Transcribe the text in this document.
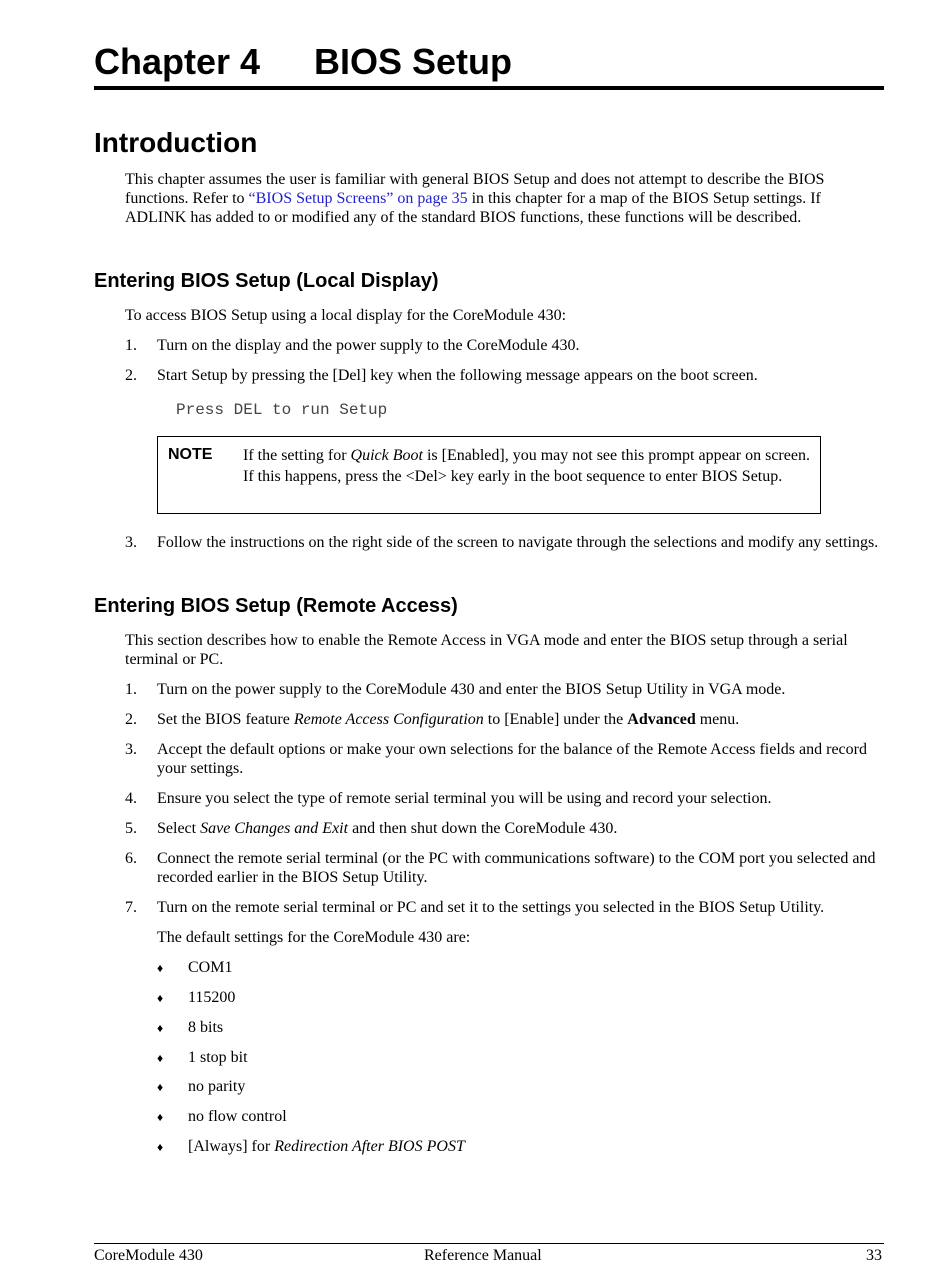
Chapter 4 BIOS Setup
Introduction
This chapter assumes the user is familiar with general BIOS Setup and does not attempt to describe the BIOS functions. Refer to “BIOS Setup Screens” on page 35 in this chapter for a map of the BIOS Setup settings. If ADLINK has added to or modified any of the standard BIOS functions, these functions will be described.
Entering BIOS Setup (Local Display)
To access BIOS Setup using a local display for the CoreModule 430:
1. Turn on the display and the power supply to the CoreModule 430.
2. Start Setup by pressing the [Del] key when the following message appears on the boot screen.
Press DEL to run Setup
NOTE If the setting for Quick Boot is [Enabled], you may not see this prompt appear on screen. If this happens, press the <Del> key early in the boot sequence to enter BIOS Setup.
3. Follow the instructions on the right side of the screen to navigate through the selections and modify any settings.
Entering BIOS Setup (Remote Access)
This section describes how to enable the Remote Access in VGA mode and enter the BIOS setup through a serial terminal or PC.
1. Turn on the power supply to the CoreModule 430 and enter the BIOS Setup Utility in VGA mode.
2. Set the BIOS feature Remote Access Configuration to [Enable] under the Advanced menu.
3. Accept the default options or make your own selections for the balance of the Remote Access fields and record your settings.
4. Ensure you select the type of remote serial terminal you will be using and record your selection.
5. Select Save Changes and Exit and then shut down the CoreModule 430.
6. Connect the remote serial terminal (or the PC with communications software) to the COM port you selected and recorded earlier in the BIOS Setup Utility.
7. Turn on the remote serial terminal or PC and set it to the settings you selected in the BIOS Setup Utility.
The default settings for the CoreModule 430 are:
♦ COM1
♦ 115200
♦ 8 bits
♦ 1 stop bit
♦ no parity
♦ no flow control
♦ [Always] for Redirection After BIOS POST
CoreModule 430	Reference Manual	33
